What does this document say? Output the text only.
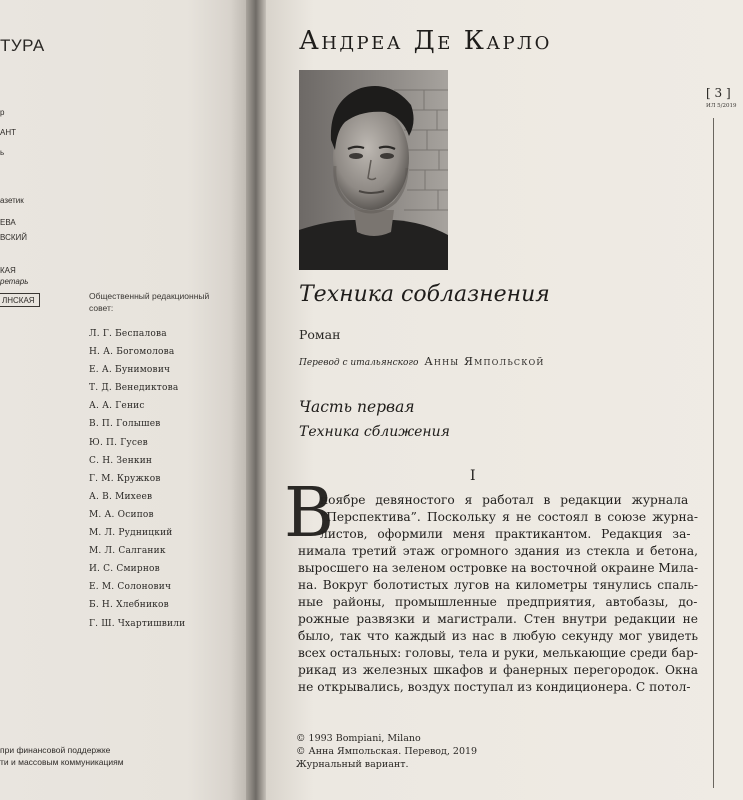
ТУРА
р
АНТ
ь
азетик
ЕВА
ВСКИЙ
КАЯ
ретарь
ЛНСКАЯ	Общественный редакционный совет:
Л. Г. Беспалова
Н. А. Богомолова
Е. А. Бунимович
Т. Д. Венедиктова
А. А. Генис
В. П. Голышев
Ю. П. Гусев
С. Н. Зенкин
Г. М. Кружков
А. В. Михеев
М. А. Осипов
М. Л. Рудницкий
М. Л. Салганик
И. С. Смирнов
Е. М. Солонович
Б. Н. Хлебников
Г. Ш. Чхартишвили
при финансовой поддержке
ти и массовым коммуникациям
Андреа Де Карло
[ 3 ]
ИЛ 5/2019
Техника соблазнения
Роман
Перевод с итальянского Анны Ямпольской
Часть первая
Техника сближения
I
В
ноябре девяностого я работал в редакции журнала
“Перспектива”. Поскольку я не состоял в союзе журна-
листов, оформили меня практикантом. Редакция за-
нимала третий этаж огромного здания из стекла и бетона,
выросшего на зеленом островке на восточной окраине Мила-
на. Вокруг болотистых лугов на километры тянулись спаль-
ные районы, промышленные предприятия, автобазы, до-
рожные развязки и магистрали. Стен внутри редакции не
было, так что каждый из нас в любую секунду мог увидеть
всех остальных: головы, тела и руки, мелькающие среди бар-
рикад из железных шкафов и фанерных перегородок. Окна
не открывались, воздух поступал из кондиционера. С потол-
© 1993 Bompiani, Milano
© Анна Ямпольская. Перевод, 2019
Журнальный вариант.
